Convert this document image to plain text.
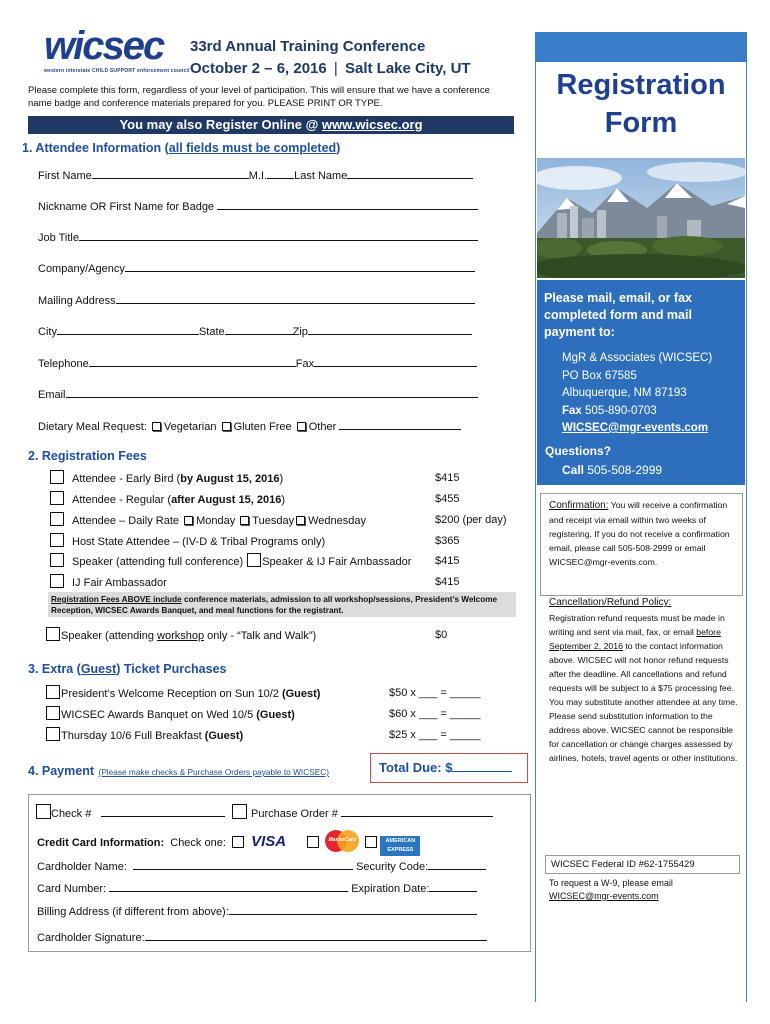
wicsec
western interstate CHILD SUPPORT enforcement council
33rd Annual Training Conference
October 2 – 6, 2016 | Salt Lake City, UT
Please complete this form, regardless of your level of participation. This will ensure that we have a conference name badge and conference materials prepared for you. PLEASE PRINT OR TYPE.
You may also Register Online @ www.wicsec.org
1. Attendee Information (all fields must be completed)
First Name	M.I. Last Name
Nickname OR First Name for Badge
Job Title
Company/Agency
Mailing Address
City	State	Zip
Telephone	Fax
Email
Dietary Meal Request: Vegetarian Gluten Free Other
2. Registration Fees
Attendee - Early Bird (by August 15, 2016)	$415
Attendee - Regular (after August 15, 2016)	$455
Attendee – Daily Rate Monday Tuesday Wednesday	$200 (per day)
Host State Attendee – (IV-D & Tribal Programs only)	$365
Speaker (attending full conference) Speaker & IJ Fair Ambassador $415
IJ Fair Ambassador	$415
Registration Fees ABOVE include conference materials, admission to all workshop/sessions, President’s Welcome Reception, WICSEC Awards Banquet, and meal functions for the registrant.
Speaker (attending workshop only - “Talk and Walk”)	$0
3. Extra (Guest) Ticket Purchases
President’s Welcome Reception on Sun 10/2 (Guest)	$50 x ___ = _____
WICSEC Awards Banquet on Wed 10/5 (Guest)	$60 x ___ = _____
Thursday 10/6 Full Breakfast (Guest)	$25 x ___ = _____
4. Payment (Please make checks & Purchase Orders payable to WICSEC)	Total Due: $
Check #	Purchase Order #
Credit Card Information: Check one: VISA	MasterCard	AMERICAN
EXPRESS
Cardholder Name:	Security Code:
Card Number:	Expiration Date:
Billing Address (if different from above):
Cardholder Signature:
Registration
Form
Please mail, email, or fax completed form and mail payment to:
MgR & Associates (WICSEC)
PO Box 67585
Albuquerque, NM 87193
Fax 505-890-0703
WICSEC@mgr-events.com
Questions?
Call 505-508-2999
Confirmation: You will receive a confirmation and receipt via email within two weeks of registering. If you do not receive a confirmation email, please call 505-508-2999 or email WICSEC@mgr-events.com.
Cancellation/Refund Policy:
Registration refund requests must be made in writing and sent via mail, fax, or email before September 2, 2016 to the contact information above. WICSEC will not honor refund requests after the deadline. All cancellations and refund requests will be subject to a $75 processing fee. You may substitute another attendee at any time. Please send substitution information to the address above. WICSEC cannot be responsible for cancellation or change charges assessed by airlines, hotels, travel agents or other institutions.
WICSEC Federal ID #62-1755429
To request a W-9, please email
WICSEC@mgr-events.com
